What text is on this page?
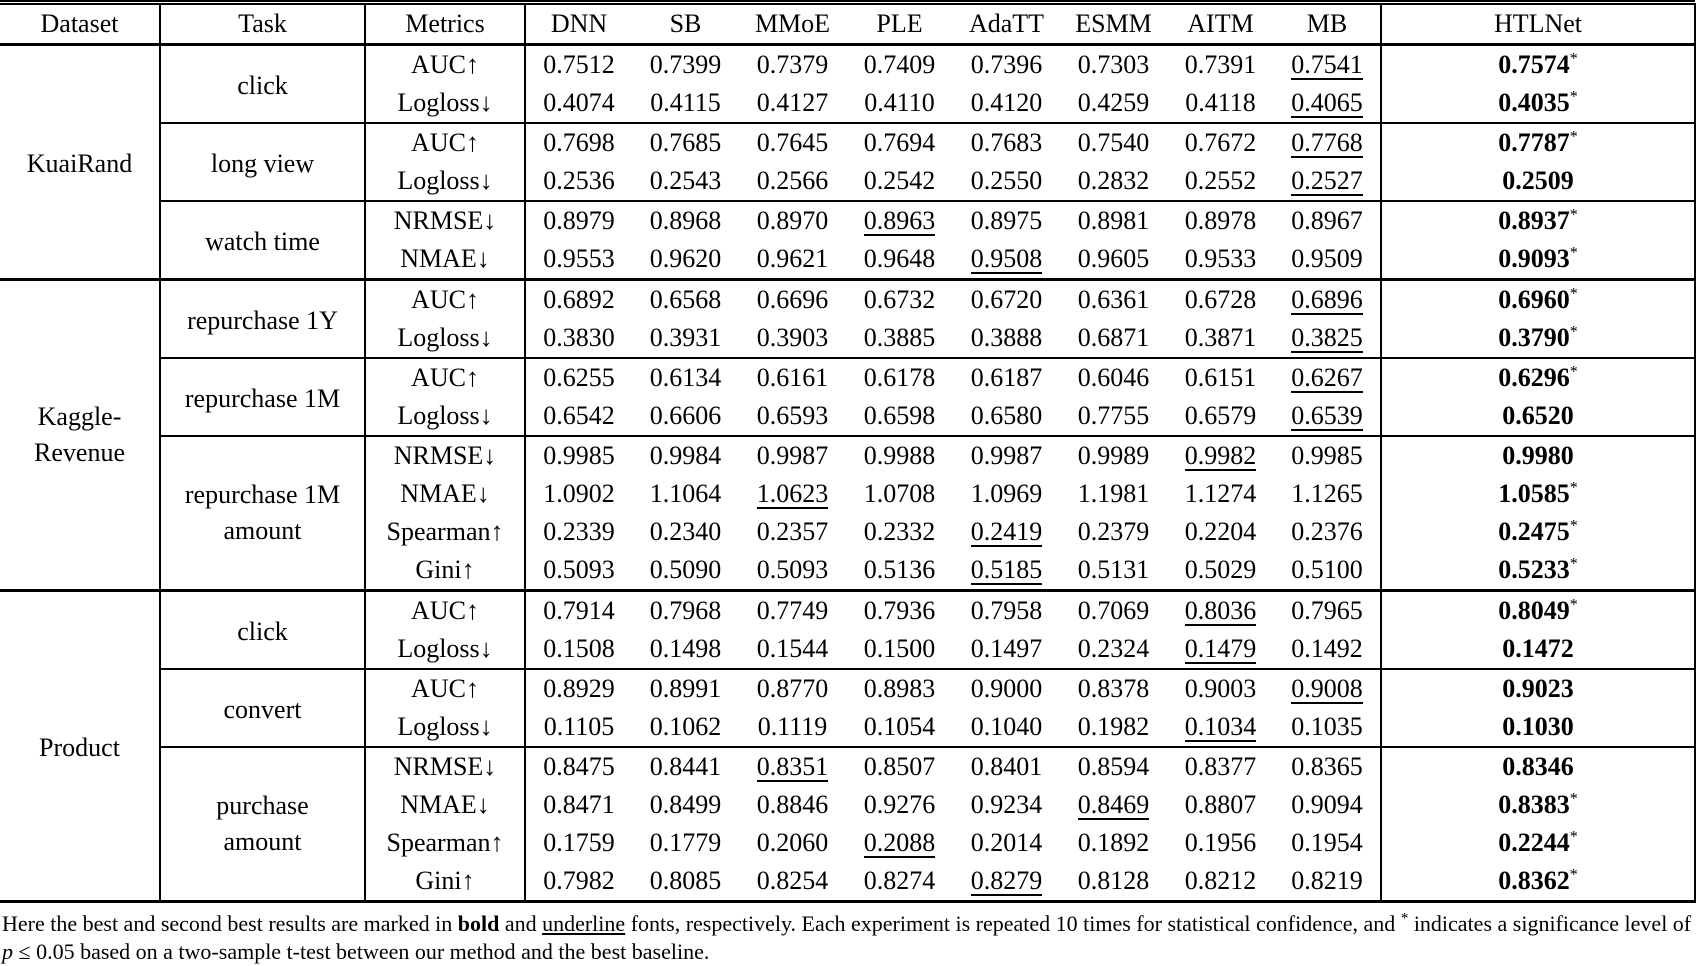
Dataset	Task	Metrics	DNN	SB	MMoE	PLE	AdaTT	ESMM	AITM	MB	HTLNet
KuaiRand	click	AUC↑	0.7512	0.7399	0.7379	0.7409	0.7396	0.7303	0.7391	0.7541	0.7574*
		Logloss↓	0.4074	0.4115	0.4127	0.4110	0.4120	0.4259	0.4118	0.4065	0.4035*
	long view	AUC↑	0.7698	0.7685	0.7645	0.7694	0.7683	0.7540	0.7672	0.7768	0.7787*
		Logloss↓	0.2536	0.2543	0.2566	0.2542	0.2550	0.2832	0.2552	0.2527	0.2509
	watch time	NRMSE↓	0.8979	0.8968	0.8970	0.8963	0.8975	0.8981	0.8978	0.8967	0.8937*
		NMAE↓	0.9553	0.9620	0.9621	0.9648	0.9508	0.9605	0.9533	0.9509	0.9093*
Kaggle-Revenue	repurchase 1Y	AUC↑	0.6892	0.6568	0.6696	0.6732	0.6720	0.6361	0.6728	0.6896	0.6960*
		Logloss↓	0.3830	0.3931	0.3903	0.3885	0.3888	0.6871	0.3871	0.3825	0.3790*
	repurchase 1M	AUC↑	0.6255	0.6134	0.6161	0.6178	0.6187	0.6046	0.6151	0.6267	0.6296*
		Logloss↓	0.6542	0.6606	0.6593	0.6598	0.6580	0.7755	0.6579	0.6539	0.6520
	repurchase 1M amount	NRMSE↓	0.9985	0.9984	0.9987	0.9988	0.9987	0.9989	0.9982	0.9985	0.9980
		NMAE↓	1.0902	1.1064	1.0623	1.0708	1.0969	1.1981	1.1274	1.1265	1.0585*
		Spearman↑	0.2339	0.2340	0.2357	0.2332	0.2419	0.2379	0.2204	0.2376	0.2475*
		Gini↑	0.5093	0.5090	0.5093	0.5136	0.5185	0.5131	0.5029	0.5100	0.5233*
Product	click	AUC↑	0.7914	0.7968	0.7749	0.7936	0.7958	0.7069	0.8036	0.7965	0.8049*
		Logloss↓	0.1508	0.1498	0.1544	0.1500	0.1497	0.2324	0.1479	0.1492	0.1472
	convert	AUC↑	0.8929	0.8991	0.8770	0.8983	0.9000	0.8378	0.9003	0.9008	0.9023
		Logloss↓	0.1105	0.1062	0.1119	0.1054	0.1040	0.1982	0.1034	0.1035	0.1030
	purchase amount	NRMSE↓	0.8475	0.8441	0.8351	0.8507	0.8401	0.8594	0.8377	0.8365	0.8346
		NMAE↓	0.8471	0.8499	0.8846	0.9276	0.9234	0.8469	0.8807	0.9094	0.8383*
		Spearman↑	0.1759	0.1779	0.2060	0.2088	0.2014	0.1892	0.1956	0.1954	0.2244*
		Gini↑	0.7982	0.8085	0.8254	0.8274	0.8279	0.8128	0.8212	0.8219	0.8362*

Here the best and second best results are marked in bold and underline fonts, respectively. Each experiment is repeated 10 times for statistical confidence, and * indicates a significance level of p ≤ 0.05 based on a two-sample t-test between our method and the best baseline.
